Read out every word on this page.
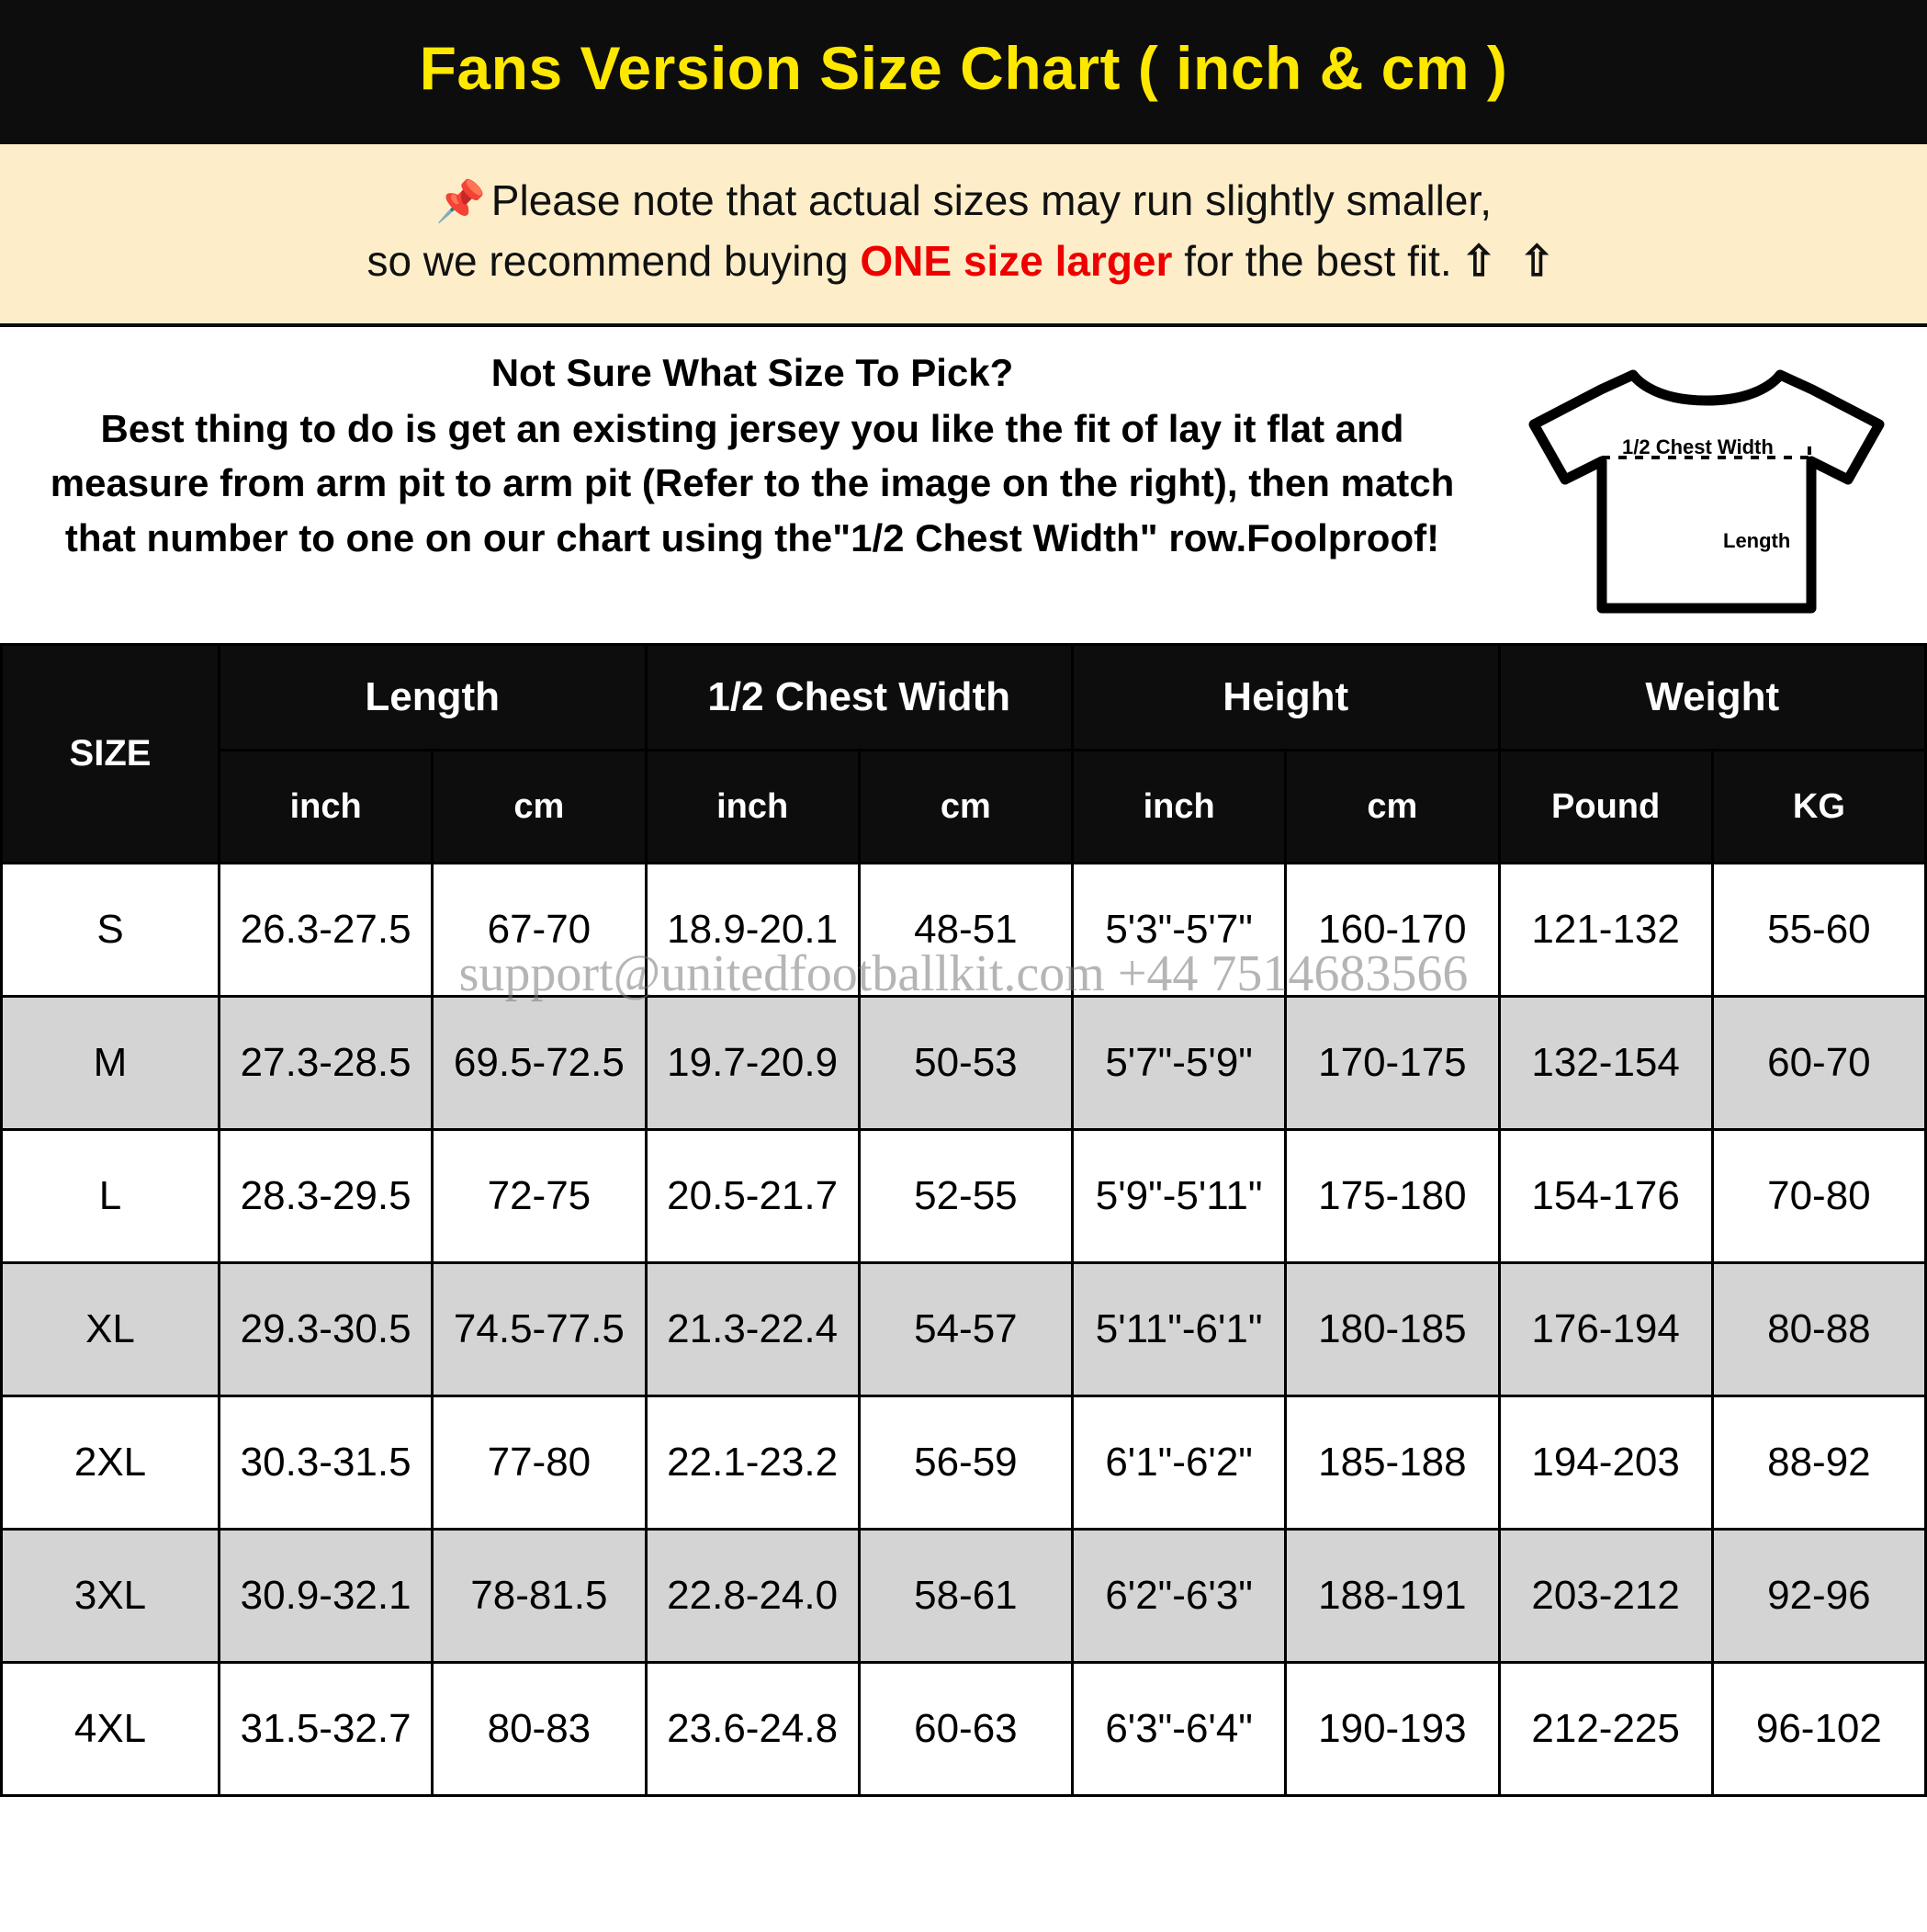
Fans Version Size Chart ( inch & cm )
📌 Please note that actual sizes may run slightly smaller,
so we recommend buying ONE size larger for the best fit. ⇧ ⇧
Not Sure What Size To Pick?
Best thing to do is get an existing jersey you like the fit of lay it flat and measure from arm pit to arm pit (Refer to the image on the right), then match that number to one on our chart using the"1/2 Chest Width" row.Foolproof!
1/2 Chest Width
Length
SIZE	Length		1/2 Chest Width		Height		Weight	
	inch	cm	inch	cm	inch	cm	Pound	KG
S	26.3-27.5	67-70	18.9-20.1	48-51	5'3"-5'7"	160-170	121-132	55-60
M	27.3-28.5	69.5-72.5	19.7-20.9	50-53	5'7"-5'9"	170-175	132-154	60-70
L	28.3-29.5	72-75	20.5-21.7	52-55	5'9"-5'11"	175-180	154-176	70-80
XL	29.3-30.5	74.5-77.5	21.3-22.4	54-57	5'11"-6'1"	180-185	176-194	80-88
2XL	30.3-31.5	77-80	22.1-23.2	56-59	6'1"-6'2"	185-188	194-203	88-92
3XL	30.9-32.1	78-81.5	22.8-24.0	58-61	6'2"-6'3"	188-191	203-212	92-96
4XL	31.5-32.7	80-83	23.6-24.8	60-63	6'3"-6'4"	190-193	212-225	96-102
support@unitedfootballkit.com +44 7514683566
